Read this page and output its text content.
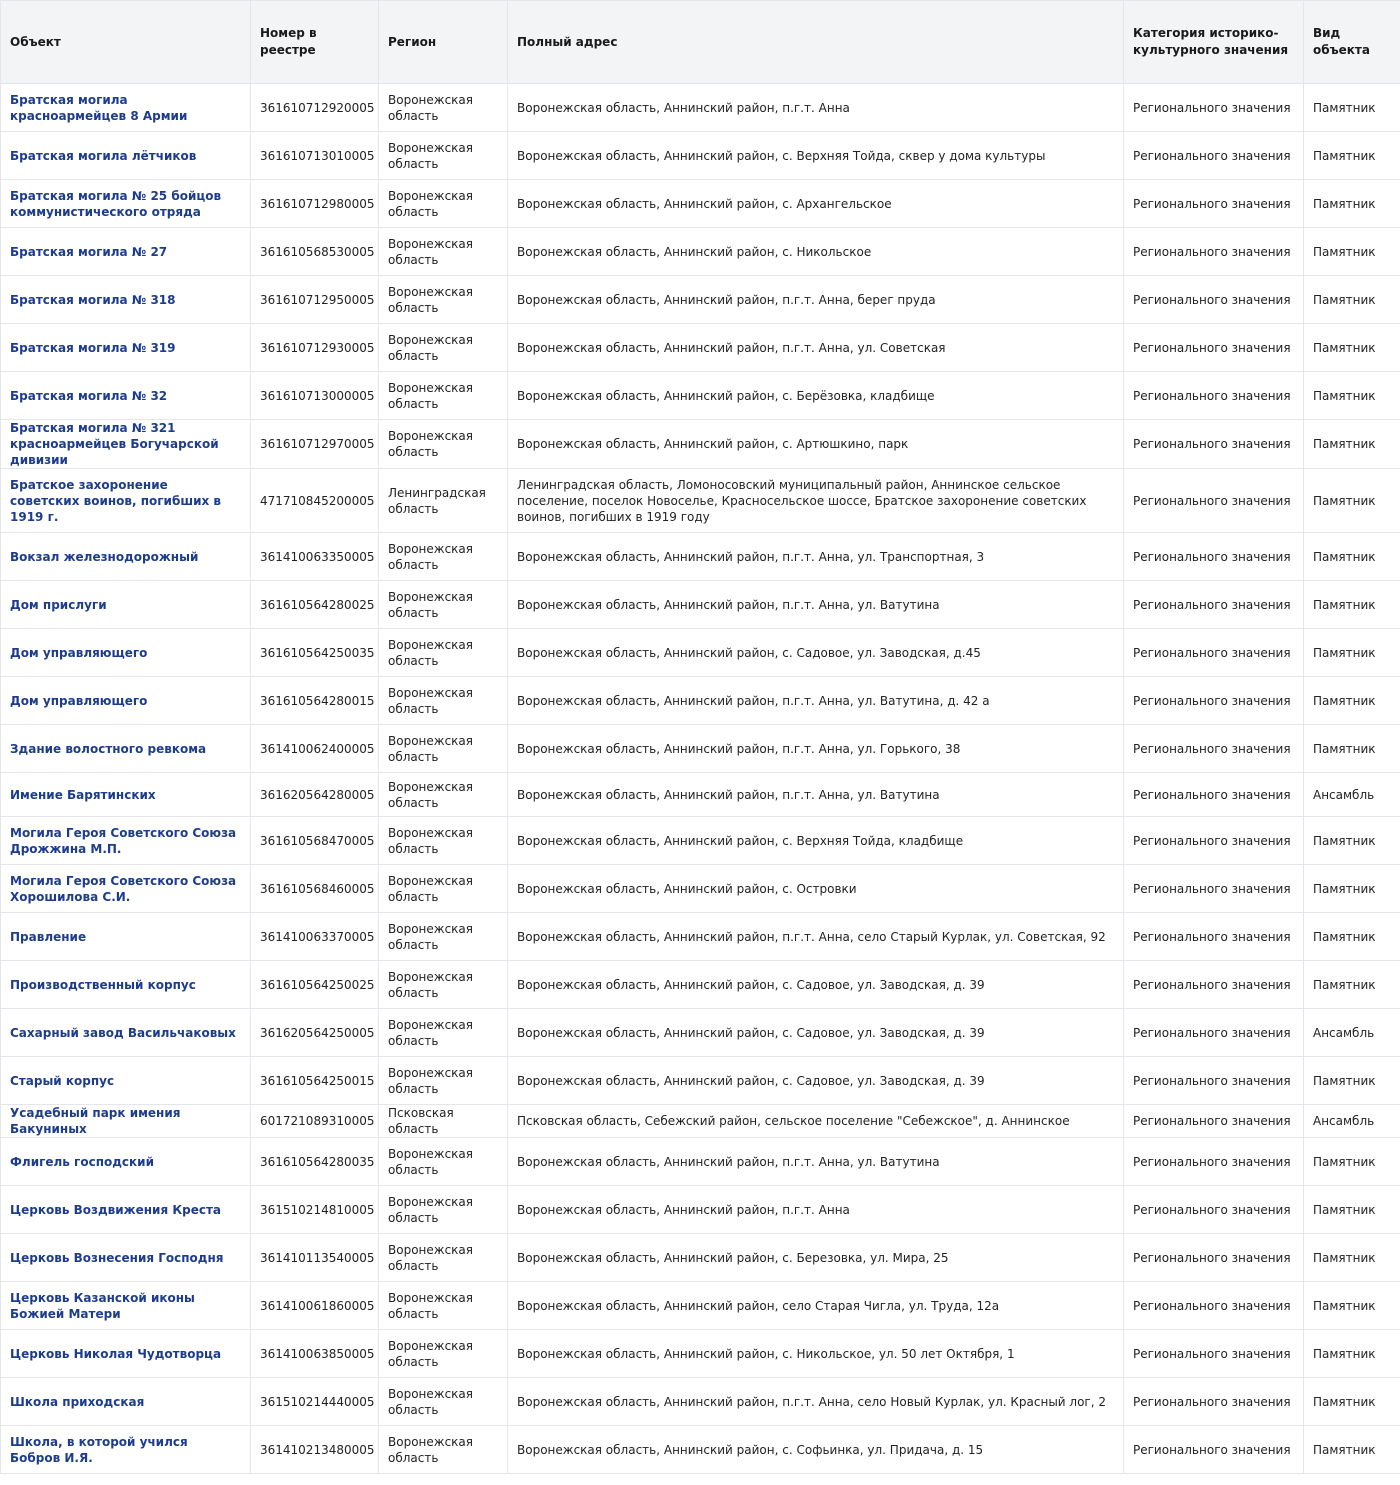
Объект	Номер в реестре	Регион	Полный адрес	Категория историко-культурного значения	Вид объекта
Братская могила красноармейцев 8 Армии	361610712920005	Воронежская область	Воронежская область, Аннинский район, п.г.т. Анна	Регионального значения	Памятник
Братская могила лётчиков	361610713010005	Воронежская область	Воронежская область, Аннинский район, с. Верхняя Тойда, сквер у дома культуры	Регионального значения	Памятник
Братская могила № 25 бойцов коммунистического отряда	361610712980005	Воронежская область	Воронежская область, Аннинский район, с. Архангельское	Регионального значения	Памятник
Братская могила № 27	361610568530005	Воронежская область	Воронежская область, Аннинский район, с. Никольское	Регионального значения	Памятник
Братская могила № 318	361610712950005	Воронежская область	Воронежская область, Аннинский район, п.г.т. Анна, берег пруда	Регионального значения	Памятник
Братская могила № 319	361610712930005	Воронежская область	Воронежская область, Аннинский район, п.г.т. Анна, ул. Советская	Регионального значения	Памятник
Братская могила № 32	361610713000005	Воронежская область	Воронежская область, Аннинский район, с. Берёзовка, кладбище	Регионального значения	Памятник
Братская могила № 321 красноармейцев Богучарской дивизии	361610712970005	Воронежская область	Воронежская область, Аннинский район, с. Артюшкино, парк	Регионального значения	Памятник
Братское захоронение советских воинов, погибших в 1919 г.	471710845200005	Ленинградская область	Ленинградская область, Ломоносовский муниципальный район, Аннинское сельское поселение, поселок Новоселье, Красносельское шоссе, Братское захоронение советских воинов, погибших в 1919 году	Регионального значения	Памятник
Вокзал железнодорожный	361410063350005	Воронежская область	Воронежская область, Аннинский район, п.г.т. Анна, ул. Транспортная, 3	Регионального значения	Памятник
Дом прислуги	361610564280025	Воронежская область	Воронежская область, Аннинский район, п.г.т. Анна, ул. Ватутина	Регионального значения	Памятник
Дом управляющего	361610564250035	Воронежская область	Воронежская область, Аннинский район, с. Садовое, ул. Заводская, д.45	Регионального значения	Памятник
Дом управляющего	361610564280015	Воронежская область	Воронежская область, Аннинский район, п.г.т. Анна, ул. Ватутина, д. 42 а	Регионального значения	Памятник
Здание волостного ревкома	361410062400005	Воронежская область	Воронежская область, Аннинский район, п.г.т. Анна, ул. Горького, 38	Регионального значения	Памятник
Имение Барятинских	361620564280005	Воронежская область	Воронежская область, Аннинский район, п.г.т. Анна, ул. Ватутина	Регионального значения	Ансамбль
Могила Героя Советского Союза Дрожжина М.П.	361610568470005	Воронежская область	Воронежская область, Аннинский район, с. Верхняя Тойда, кладбище	Регионального значения	Памятник
Могила Героя Советского Союза Хорошилова С.И.	361610568460005	Воронежская область	Воронежская область, Аннинский район, с. Островки	Регионального значения	Памятник
Правление	361410063370005	Воронежская область	Воронежская область, Аннинский район, п.г.т. Анна, село Старый Курлак, ул. Советская, 92	Регионального значения	Памятник
Производственный корпус	361610564250025	Воронежская область	Воронежская область, Аннинский район, с. Садовое, ул. Заводская, д. 39	Регионального значения	Памятник
Сахарный завод Васильчаковых	361620564250005	Воронежская область	Воронежская область, Аннинский район, с. Садовое, ул. Заводская, д. 39	Регионального значения	Ансамбль
Старый корпус	361610564250015	Воронежская область	Воронежская область, Аннинский район, с. Садовое, ул. Заводская, д. 39	Регионального значения	Памятник
Усадебный парк имения Бакуниных	601721089310005	Псковская область	Псковская область, Себежский район, сельское поселение "Себежское", д. Аннинское	Регионального значения	Ансамбль
Флигель господский	361610564280035	Воронежская область	Воронежская область, Аннинский район, п.г.т. Анна, ул. Ватутина	Регионального значения	Памятник
Церковь Воздвижения Креста	361510214810005	Воронежская область	Воронежская область, Аннинский район, п.г.т. Анна	Регионального значения	Памятник
Церковь Вознесения Господня	361410113540005	Воронежская область	Воронежская область, Аннинский район, с. Березовка, ул. Мира, 25	Регионального значения	Памятник
Церковь Казанской иконы Божией Матери	361410061860005	Воронежская область	Воронежская область, Аннинский район, село Старая Чигла, ул. Труда, 12а	Регионального значения	Памятник
Церковь Николая Чудотворца	361410063850005	Воронежская область	Воронежская область, Аннинский район, с. Никольское, ул. 50 лет Октября, 1	Регионального значения	Памятник
Школа приходская	361510214440005	Воронежская область	Воронежская область, Аннинский район, п.г.т. Анна, село Новый Курлак, ул. Красный лог, 2	Регионального значения	Памятник
Школа, в которой учился Бобров И.Я.	361410213480005	Воронежская область	Воронежская область, Аннинский район, с. Софьинка, ул. Придача, д. 15	Регионального значения	Памятник
